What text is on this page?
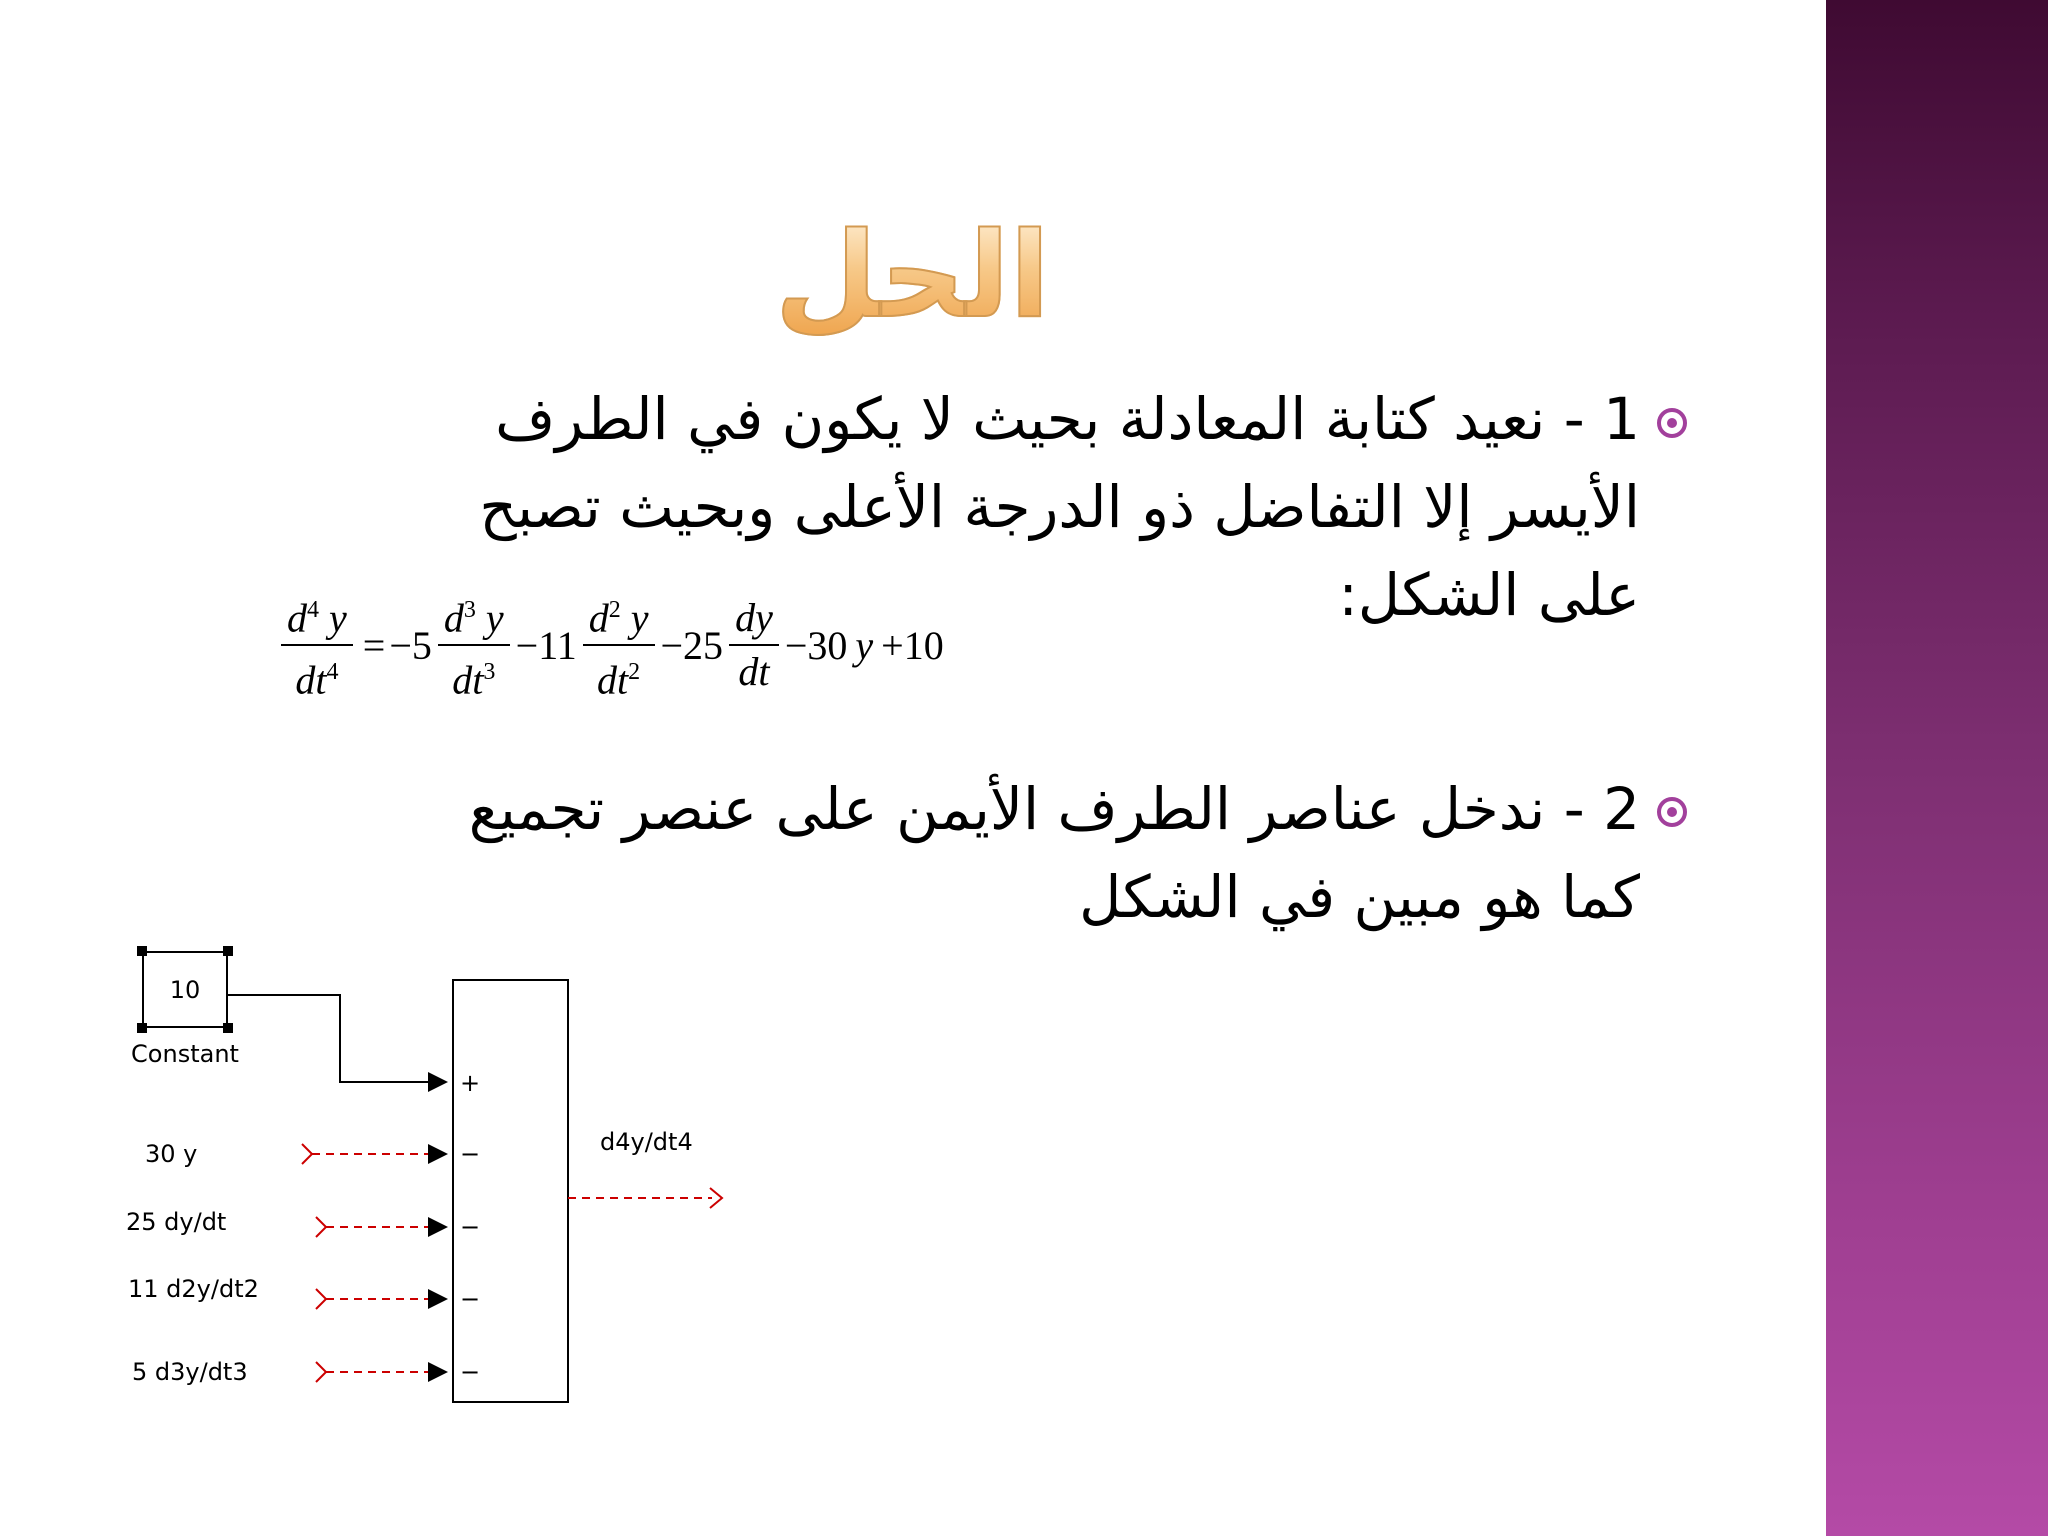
الحل
1 - نعيد كتابة المعادلة بحيث لا يكون في الطرف
الأيسر إلا التفاضل ذو الدرجة الأعلى وبحيث تصبح
على الشكل:
$\frac{d^4 y}{dt^4} = -5 \frac{d^3 y}{dt^3} -11 \frac{d^2 y}{dt^2} -25 \frac{dy}{dt} -30$ y +10
2 - ندخل عناصر الطرف الأيمن على عنصر تجميع
كما هو مبين في الشكل
10
Constant
+
−
−
−
−
30 y
25 dy/dt
11 d2y/dt2
5 d3y/dt3
d4y/dt4
